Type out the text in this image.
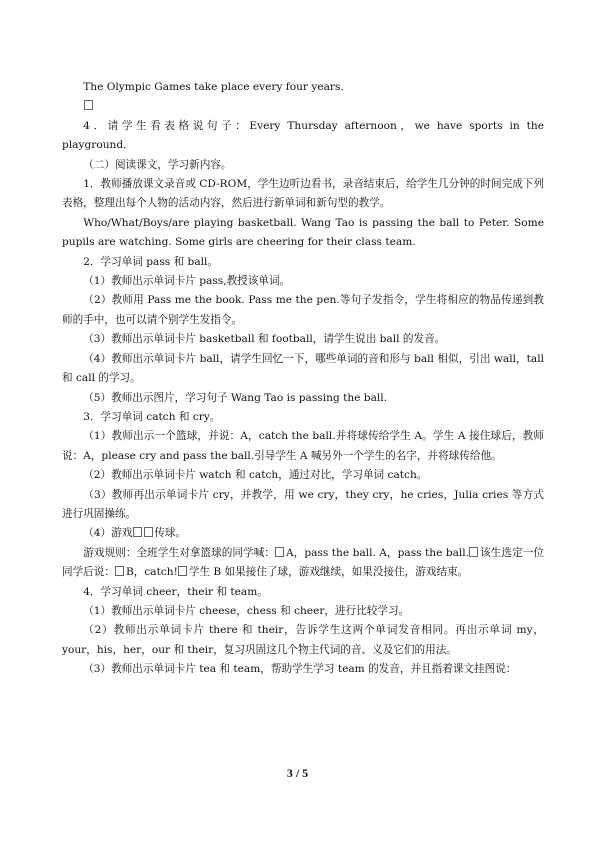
The Olympic Games take place every four years.

4．请学生看表格说句子：Every Thursday afternoon，we have sports in the playground．

（二）阅读课文，学习新内容。

1．教师播放课文录音或 CD-ROM，学生边听边看书，录音结束后，给学生几分钟的时间完成下列表格，整理出每个人物的活动内容，然后进行新单词和新句型的教学。

Who/What/Boys/are playing basketball. Wang Tao is passing the ball to Peter. Some pupils are watching. Some girls are cheering for their class team.

2．学习单词 pass 和 ball。

（1）教师出示单词卡片 pass,教授该单词。

（2）教师用 Pass me the book. Pass me the pen.等句子发指令，学生将相应的物品传递到教师的手中，也可以请个别学生发指令。

（3）教师出示单词卡片 basketball 和 football，请学生说出 ball 的发音。

（4）教师出示单词卡片 ball，请学生回忆一下，哪些单词的音和形与 ball 相似，引出 wall，tall 和 call 的学习。

（5）教师出示图片，学习句子 Wang Tao is passing the ball.

3．学习单词 catch 和 cry。

（1）教师出示一个篮球，并说：A，catch the ball.并将球传给学生 A。学生 A 接住球后，教师说：A，please cry and pass the ball.引导学生 A 喊另外一个学生的名字，并将球传给他。

（2）教师出示单词卡片 watch 和 catch，通过对比，学习单词 catch。

（3）教师再出示单词卡片 cry，并教学，用 we cry，they cry，he cries，Julia cries 等方式进行巩固操练。

（4）游戏 传球。

游戏规则：全班学生对拿篮球的同学喊： A，pass the ball. A，pass the ball. 该生选定一位同学后说： B，catch! 学生 B 如果接住了球，游戏继续，如果没接住，游戏结束。

4．学习单词 cheer，their 和 team。

（1）教师出示单词卡片 cheese，chess 和 cheer，进行比较学习。

（2）教师出示单词卡片 there 和 their，告诉学生这两个单词发音相同。再出示单词 my，your，his，her，our 和 their，复习巩固这几个物主代词的音、义及它们的用法。

（3）教师出示单词卡片 tea 和 team，帮助学生学习 team 的发音，并且指着课文挂图说：

3 / 5
